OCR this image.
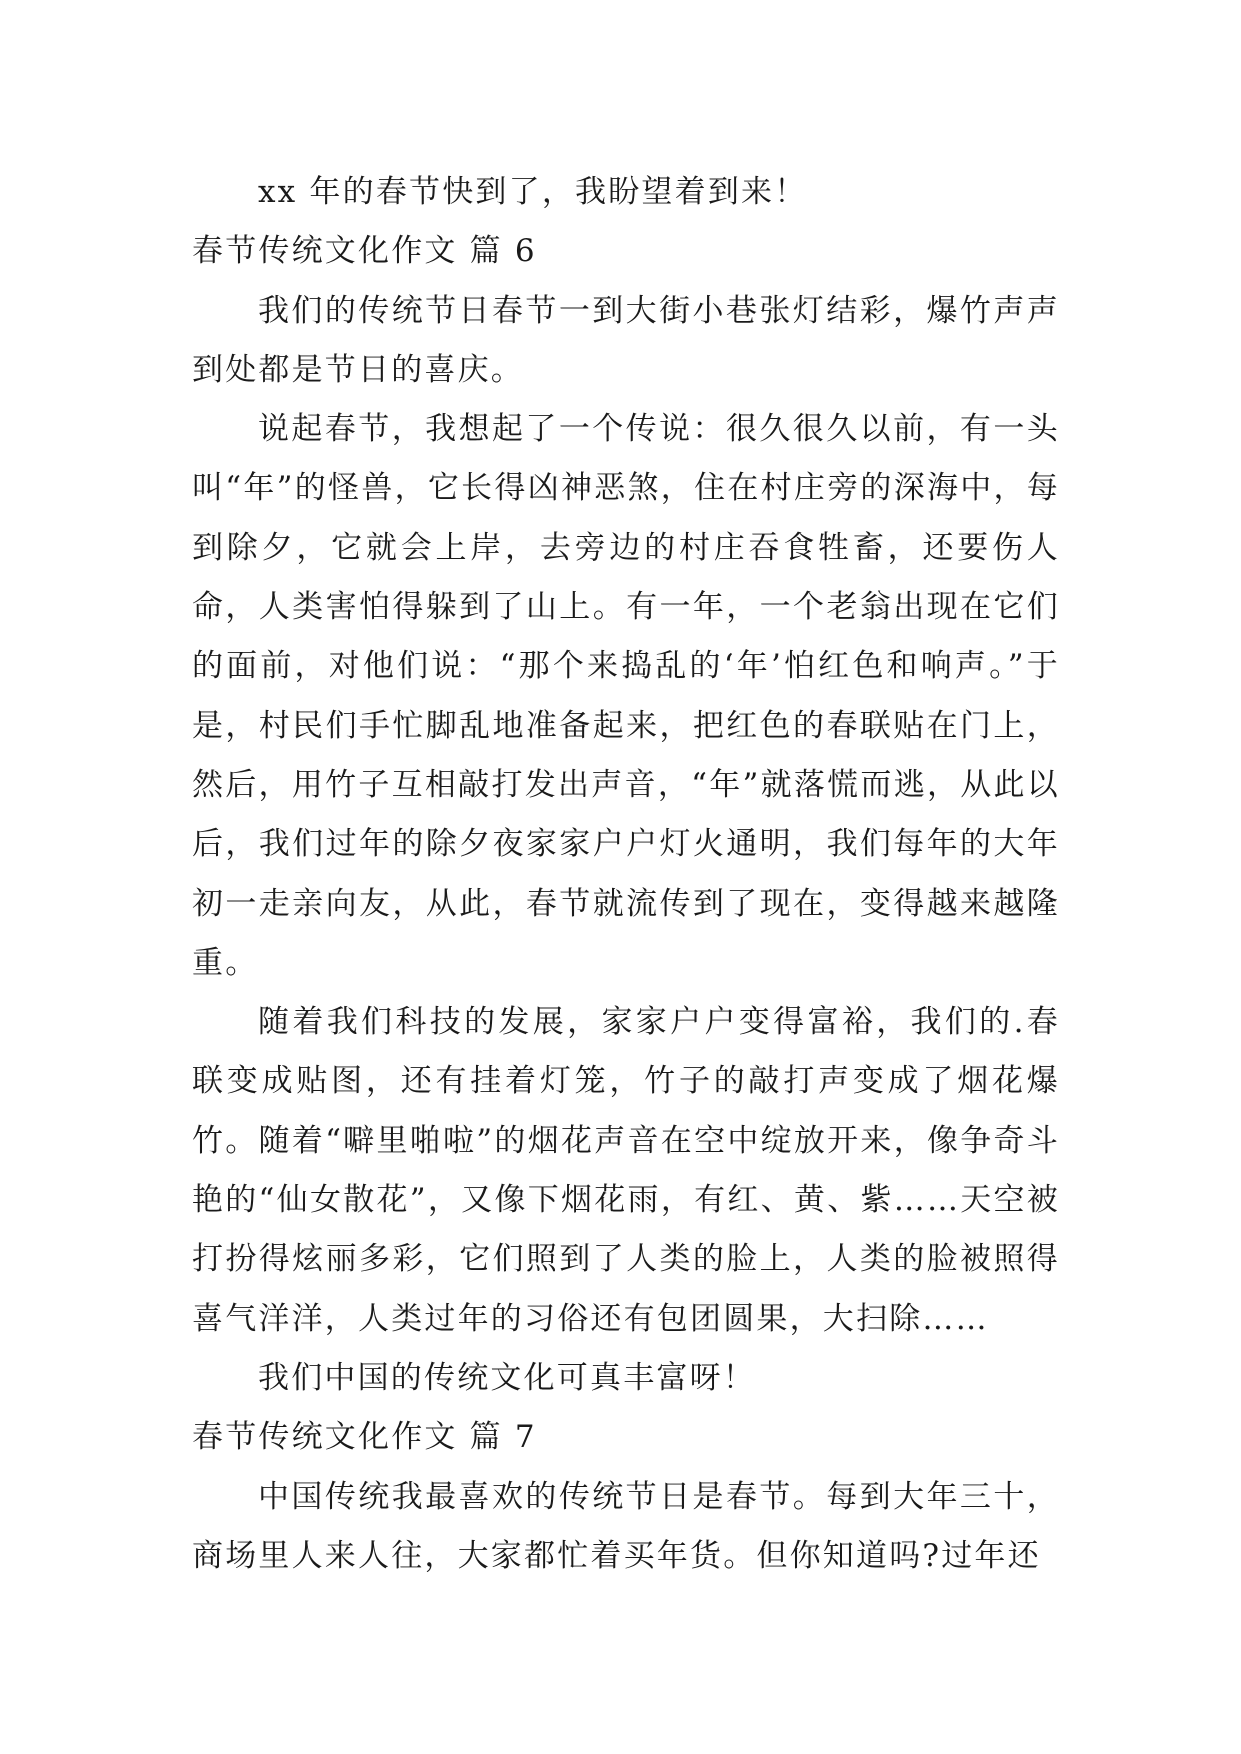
xx 年的春节快到了，我盼望着到来！

春节传统文化作文 篇 6

我们的传统节日春节一到大街小巷张灯结彩，爆竹声声到处都是节日的喜庆。

说起春节，我想起了一个传说：很久很久以前，有一头叫“年”的怪兽，它长得凶神恶煞，住在村庄旁的深海中，每到除夕，它就会上岸，去旁边的村庄吞食牲畜，还要伤人命，人类害怕得躲到了山上。有一年，一个老翁出现在它们的面前，对他们说：“那个来捣乱的‘年’怕红色和响声。”于是，村民们手忙脚乱地准备起来，把红色的春联贴在门上，然后，用竹子互相敲打发出声音，“年”就落慌而逃，从此以后，我们过年的除夕夜家家户户灯火通明，我们每年的大年初一走亲向友，从此，春节就流传到了现在，变得越来越隆重。

随着我们科技的发展，家家户户变得富裕，我们的.春联变成贴图，还有挂着灯笼，竹子的敲打声变成了烟花爆竹。随着“噼里啪啦”的烟花声音在空中绽放开来，像争奇斗艳的“仙女散花”，又像下烟花雨，有红、黄、紫……天空被打扮得炫丽多彩，它们照到了人类的脸上，人类的脸被照得喜气洋洋，人类过年的习俗还有包团圆果，大扫除……

我们中国的传统文化可真丰富呀！

春节传统文化作文 篇 7

中国传统我最喜欢的传统节日是春节。每到大年三十，商场里人来人往，大家都忙着买年货。但你知道吗?过年还
